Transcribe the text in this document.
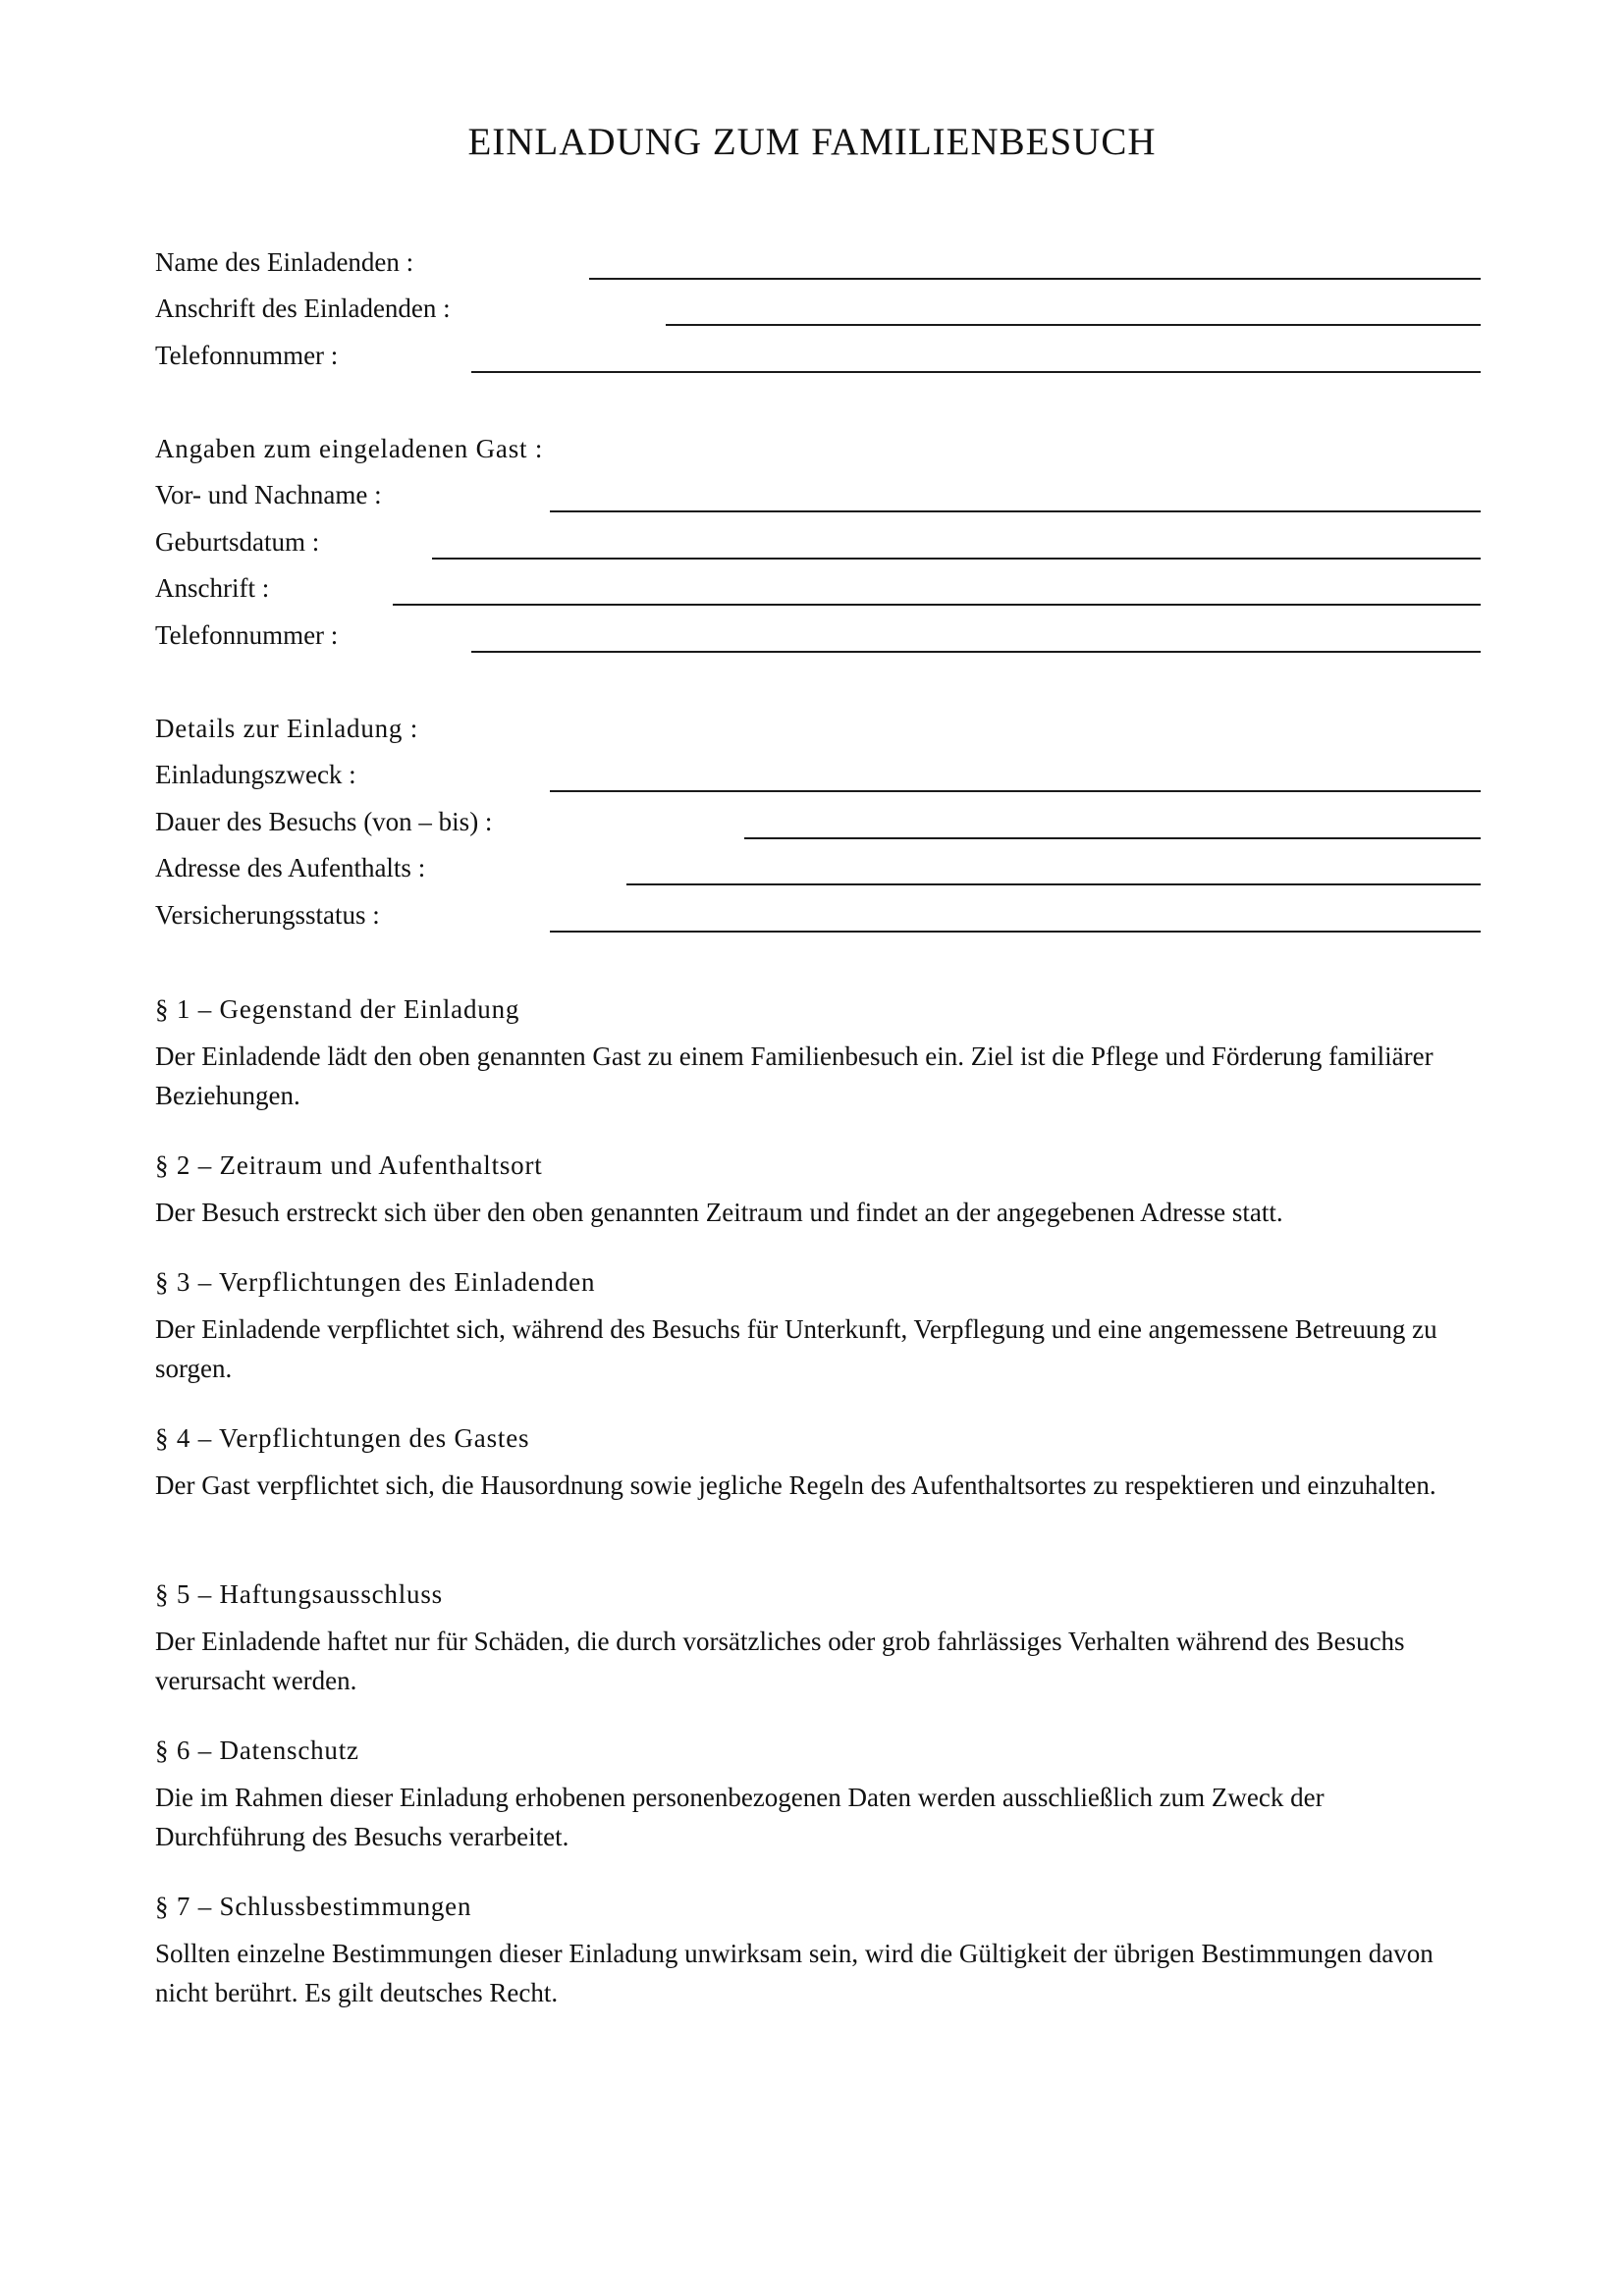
EINLADUNG ZUM FAMILIENBESUCH
Name des Einladenden :
Anschrift des Einladenden :
Telefonnummer :
Angaben zum eingeladenen Gast :
Vor- und Nachname :
Geburtsdatum :
Anschrift :
Telefonnummer :
Details zur Einladung :
Einladungszweck :
Dauer des Besuchs (von – bis) :
Adresse des Aufenthalts :
Versicherungsstatus :
§ 1 – Gegenstand der Einladung
Der Einladende lädt den oben genannten Gast zu einem Familienbesuch ein. Ziel ist die Pflege und Förderung familiärer Beziehungen.
§ 2 – Zeitraum und Aufenthaltsort
Der Besuch erstreckt sich über den oben genannten Zeitraum und findet an der angegebenen Adresse statt.
§ 3 – Verpflichtungen des Einladenden
Der Einladende verpflichtet sich, während des Besuchs für Unterkunft, Verpflegung und eine angemessene Betreuung zu sorgen.
§ 4 – Verpflichtungen des Gastes
Der Gast verpflichtet sich, die Hausordnung sowie jegliche Regeln des Aufenthaltsortes zu respektieren und einzuhalten.
§ 5 – Haftungsausschluss
Der Einladende haftet nur für Schäden, die durch vorsätzliches oder grob fahrlässiges Verhalten während des Besuchs verursacht werden.
§ 6 – Datenschutz
Die im Rahmen dieser Einladung erhobenen personenbezogenen Daten werden ausschließlich zum Zweck der Durchführung des Besuchs verarbeitet.
§ 7 – Schlussbestimmungen
Sollten einzelne Bestimmungen dieser Einladung unwirksam sein, wird die Gültigkeit der übrigen Bestimmungen davon nicht berührt. Es gilt deutsches Recht.
